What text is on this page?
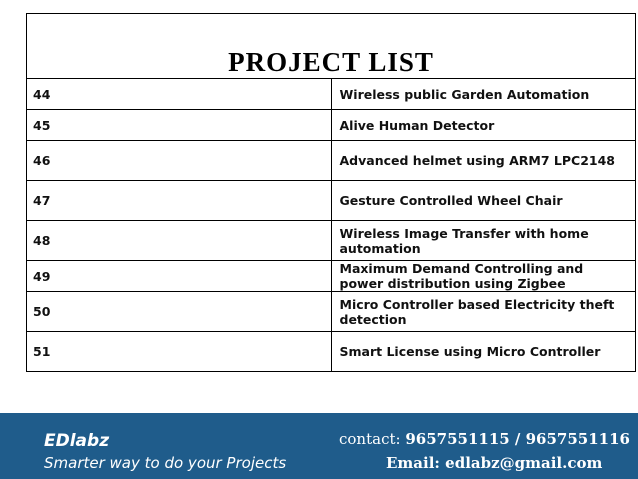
PROJECT LIST	
44	Wireless public Garden Automation
45	Alive Human Detector
46	Advanced helmet using ARM7 LPC2148
47	Gesture Controlled Wheel Chair
48	Wireless Image Transfer with home automation
49	Maximum Demand Controlling and power distribution using Zigbee
50	Micro Controller based Electricity theft detection
51	Smart License using Micro Controller
EDlabz
Smarter way to do your Projects
contact: 9657551115 / 9657551116
Email: edlabz@gmail.com
